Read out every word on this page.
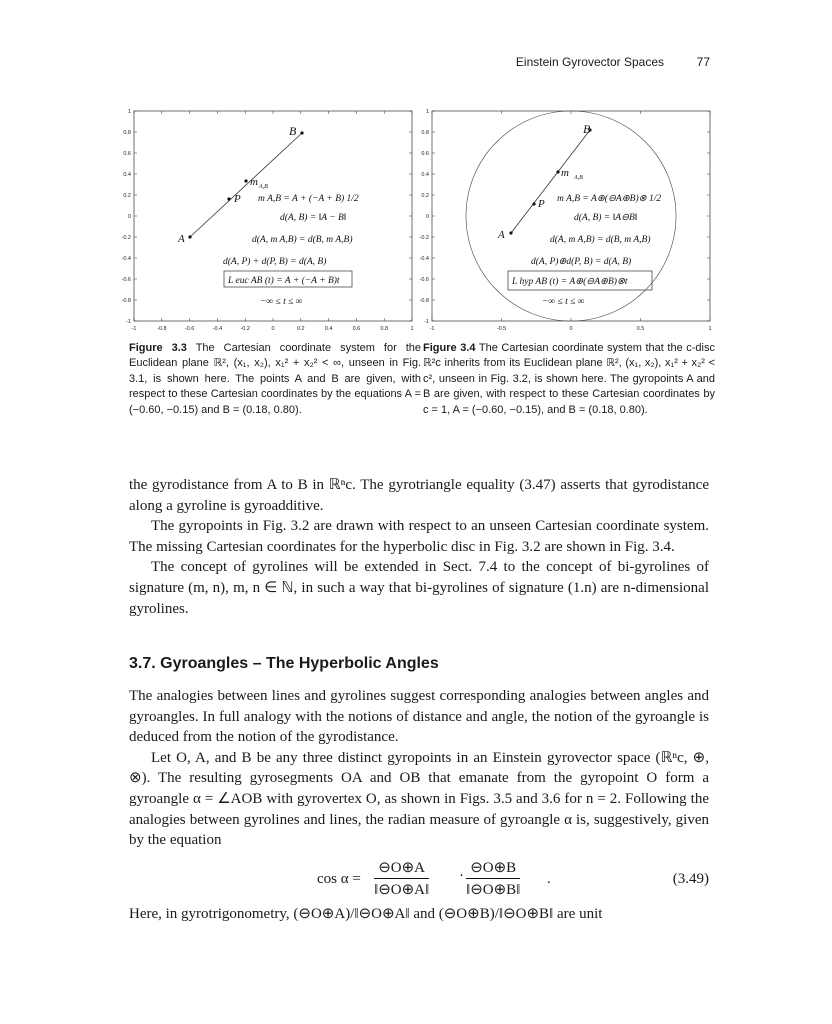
Einstein Gyrovector Spaces	77
1
0.8
0.6
0.4
0.2
0
-0.2
-0.4
-0.6
-0.8
-1
-1	-0.8	-0.6	-0.4	-0.2	0	0.2	0.4	0.6	0.8	1
B
A
m A,B
P m A,B = A + (−A + B) 1/2
d(A, B) = ‖A − B‖
d(A, m A,B) = d(B, m A,B)
d(A, P) + d(P, B) = d(A, B)
L euc AB (t) = A + (−A + B)t
−∞ ≤ t ≤ ∞
1
0.8
0.6
0.4
0.2
0
-0.2
-0.4
-0.6
-0.8
-1
-1	-0.5	0	0.5	1
B
A
m A,B
P m A,B = A⊕(⊖A⊕B)⊗ 1/2
d(A, B) = ‖A⊖B‖
d(A, m A,B) = d(B, m A,B)
d(A, P)⊕d(P, B) = d(A, B)
L hyp AB (t) = A⊕(⊖A⊕B)⊗t
−∞ ≤ t ≤ ∞
Figure 3.3 The Cartesian coordinate system for the Euclidean plane ℝ², (x₁, x₂), x₁² + x₂² < ∞, unseen in Fig. 3.1, is shown here. The points A and B are given, with respect to these Cartesian coordinates by the equations A = (−0.60, −0.15) and B = (0.18, 0.80).
Figure 3.4 The Cartesian coordinate system that the c-disc ℝ²c inherits from its Euclidean plane ℝ², (x₁, x₂), x₁² + x₂² < c², unseen in Fig. 3.2, is shown here. The gyropoints A and B are given, with respect to these Cartesian coordinates by c = 1, A = (−0.60, −0.15), and B = (0.18, 0.80).

the gyrodistance from A to B in ℝⁿc. The gyrotriangle equality (3.47) asserts that gyrodistance along a gyroline is gyroadditive.

The gyropoints in Fig. 3.2 are drawn with respect to an unseen Cartesian coordinate system. The missing Cartesian coordinates for the hyperbolic disc in Fig. 3.2 are shown in Fig. 3.4.

The concept of gyrolines will be extended in Sect. 7.4 to the concept of bi-gyrolines of signature (m, n), m, n ∈ ℕ, in such a way that bi-gyrolines of signature (1.n) are n-dimensional gyrolines.

3.7. Gyroangles – The Hyperbolic Angles

The analogies between lines and gyrolines suggest corresponding analogies between angles and gyroangles. In full analogy with the notions of distance and angle, the notion of the gyroangle is deduced from the notion of the gyrodistance.

Let O, A, and B be any three distinct gyropoints in an Einstein gyrovector space (ℝⁿc, ⊕, ⊗). The resulting gyrosegments OA and OB that emanate from the gyropoint O form a gyroangle α = ∠AOB with gyrovertex O, as shown in Figs. 3.5 and 3.6 for n = 2. Following the analogies between gyrolines and lines, the radian measure of gyroangle α is, suggestively, given by the equation

$\cos \alpha = \frac{⊖O\oplus A}{‖⊖O\oplus A‖} \cdot \frac{⊖O\oplus B}{‖⊖O\oplus B‖}$ .	(3.49)

Here, in gyrotrigonometry, (⊖O⊕A)/‖⊖O⊕A‖ and (⊖O⊕B)/‖⊖O⊕B‖ are unit
